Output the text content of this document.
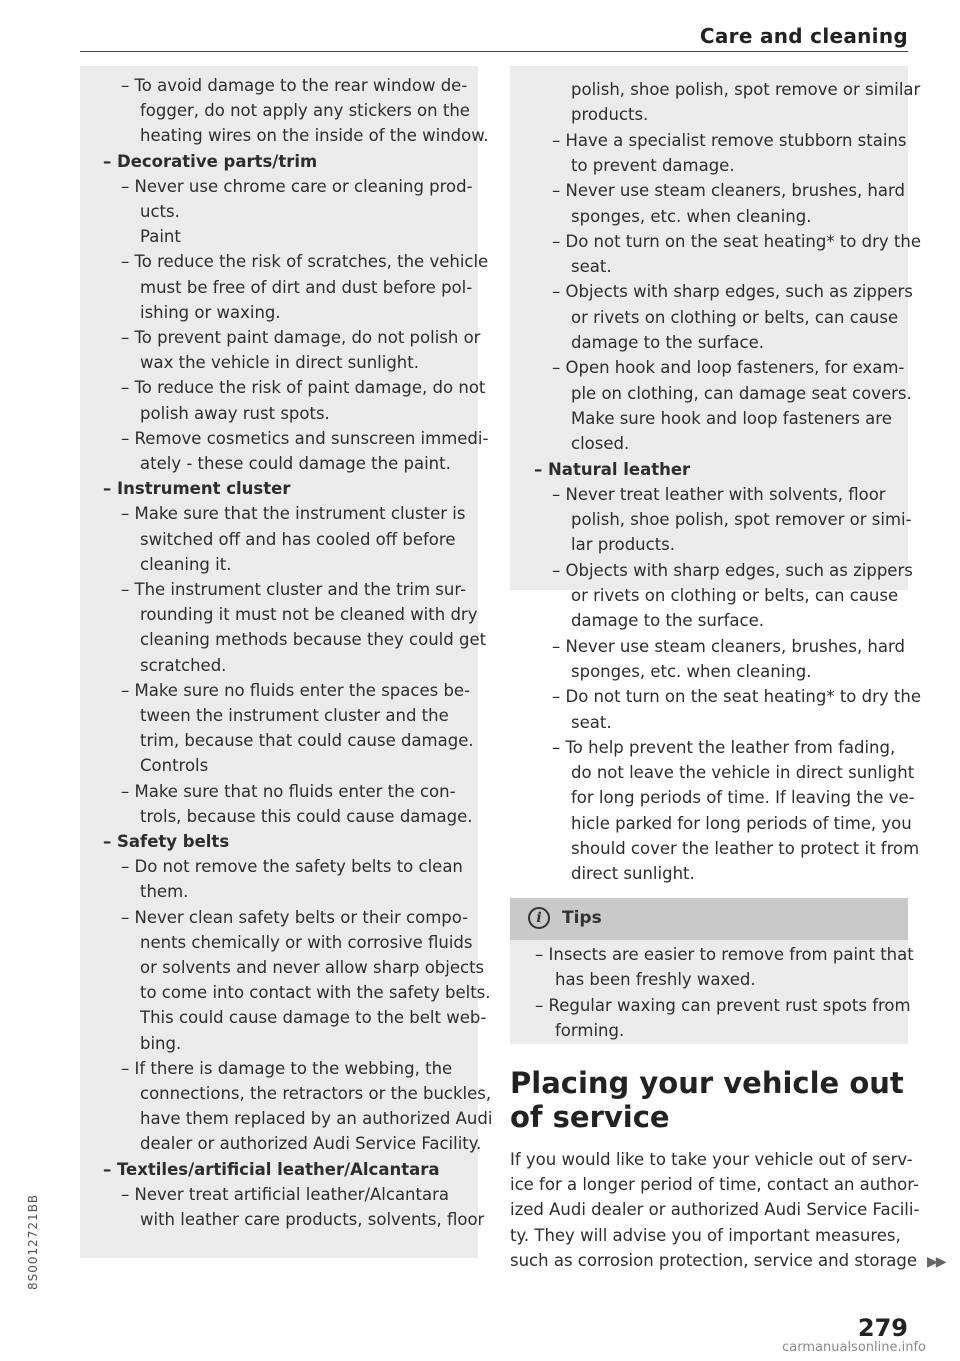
Care and cleaning
– To avoid damage to the rear window de-
fogger, do not apply any stickers on the
heating wires on the inside of the window.
– Decorative parts/trim
– Never use chrome care or cleaning prod-
ucts.
Paint
– To reduce the risk of scratches, the vehicle
must be free of dirt and dust before pol-
ishing or waxing.
– To prevent paint damage, do not polish or
wax the vehicle in direct sunlight.
– To reduce the risk of paint damage, do not
polish away rust spots.
– Remove cosmetics and sunscreen immedi-
ately - these could damage the paint.
– Instrument cluster
– Make sure that the instrument cluster is
switched off and has cooled off before
cleaning it.
– The instrument cluster and the trim sur-
rounding it must not be cleaned with dry
cleaning methods because they could get
scratched.
– Make sure no fluids enter the spaces be-
tween the instrument cluster and the
trim, because that could cause damage.
Controls
– Make sure that no fluids enter the con-
trols, because this could cause damage.
– Safety belts
– Do not remove the safety belts to clean
them.
– Never clean safety belts or their compo-
nents chemically or with corrosive fluids
or solvents and never allow sharp objects
to come into contact with the safety belts.
This could cause damage to the belt web-
bing.
– If there is damage to the webbing, the
connections, the retractors or the buckles,
have them replaced by an authorized Audi
dealer or authorized Audi Service Facility.
– Textiles/artificial leather/Alcantara
– Never treat artificial leather/Alcantara
with leather care products, solvents, floor
polish, shoe polish, spot remove or similar
products.
– Have a specialist remove stubborn stains
to prevent damage.
– Never use steam cleaners, brushes, hard
sponges, etc. when cleaning.
– Do not turn on the seat heating* to dry the
seat.
– Objects with sharp edges, such as zippers
or rivets on clothing or belts, can cause
damage to the surface.
– Open hook and loop fasteners, for exam-
ple on clothing, can damage seat covers.
Make sure hook and loop fasteners are
closed.
– Natural leather
– Never treat leather with solvents, floor
polish, shoe polish, spot remover or simi-
lar products.
– Objects with sharp edges, such as zippers
or rivets on clothing or belts, can cause
damage to the surface.
– Never use steam cleaners, brushes, hard
sponges, etc. when cleaning.
– Do not turn on the seat heating* to dry the
seat.
– To help prevent the leather from fading,
do not leave the vehicle in direct sunlight
for long periods of time. If leaving the ve-
hicle parked for long periods of time, you
should cover the leather to protect it from
direct sunlight.
i	Tips
– Insects are easier to remove from paint that
has been freshly waxed.
– Regular waxing can prevent rust spots from
forming.
Placing your vehicle out
of service
If you would like to take your vehicle out of serv-
ice for a longer period of time, contact an author-
ized Audi dealer or authorized Audi Service Facili-
ty. They will advise you of important measures,
such as corrosion protection, service and storage ▶▶
279
8S0012721BB
carmanualsonline.info
